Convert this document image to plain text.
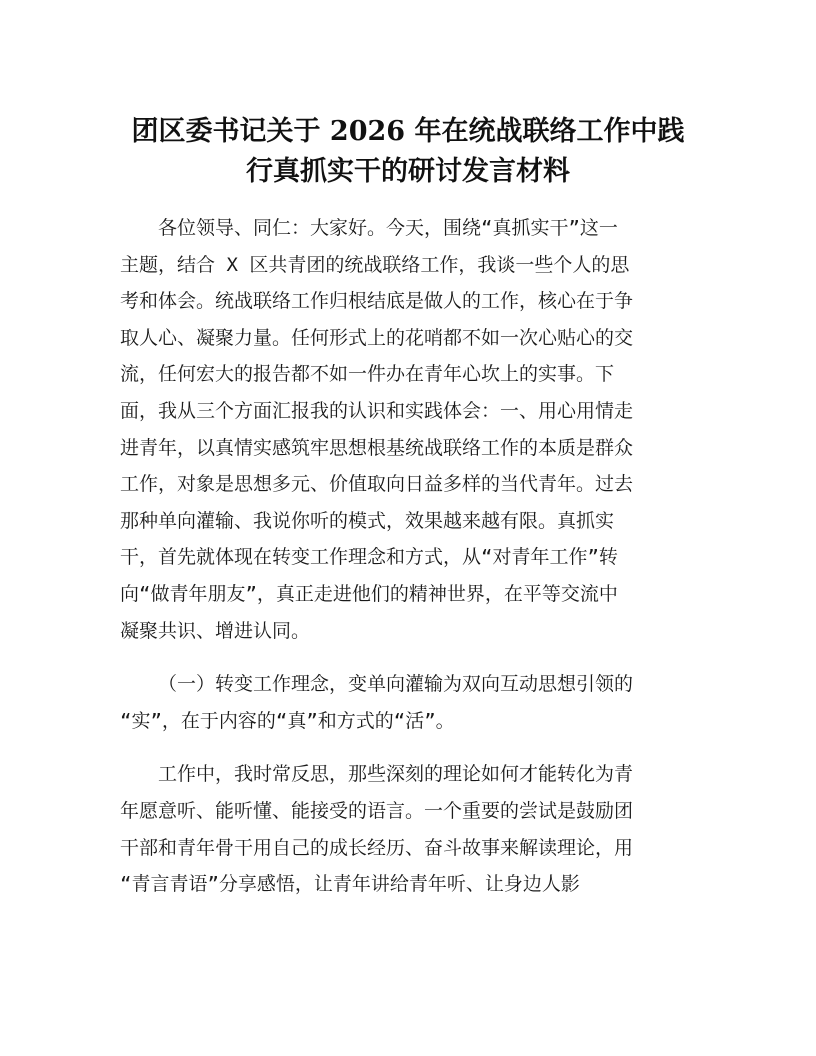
团区委书记关于 2026 年在统战联络工作中践
行真抓实干的研讨发言材料
各位领导、同仁：大家好。今天，围绕“真抓实干”这一
主题，结合 X 区共青团的统战联络工作，我谈一些个人的思
考和体会。统战联络工作归根结底是做人的工作，核心在于争
取人心、凝聚力量。任何形式上的花哨都不如一次心贴心的交
流，任何宏大的报告都不如一件办在青年心坎上的实事。下
面，我从三个方面汇报我的认识和实践体会：一、用心用情走
进青年，以真情实感筑牢思想根基统战联络工作的本质是群众
工作，对象是思想多元、价值取向日益多样的当代青年。过去
那种单向灌输、我说你听的模式，效果越来越有限。真抓实
干，首先就体现在转变工作理念和方式，从“对青年工作”转
向“做青年朋友”，真正走进他们的精神世界，在平等交流中
凝聚共识、增进认同。
（一）转变工作理念，变单向灌输为双向互动思想引领的
“实”，在于内容的“真”和方式的“活”。
工作中，我时常反思，那些深刻的理论如何才能转化为青
年愿意听、能听懂、能接受的语言。一个重要的尝试是鼓励团
干部和青年骨干用自己的成长经历、奋斗故事来解读理论，用
“青言青语”分享感悟，让青年讲给青年听、让身边人影
